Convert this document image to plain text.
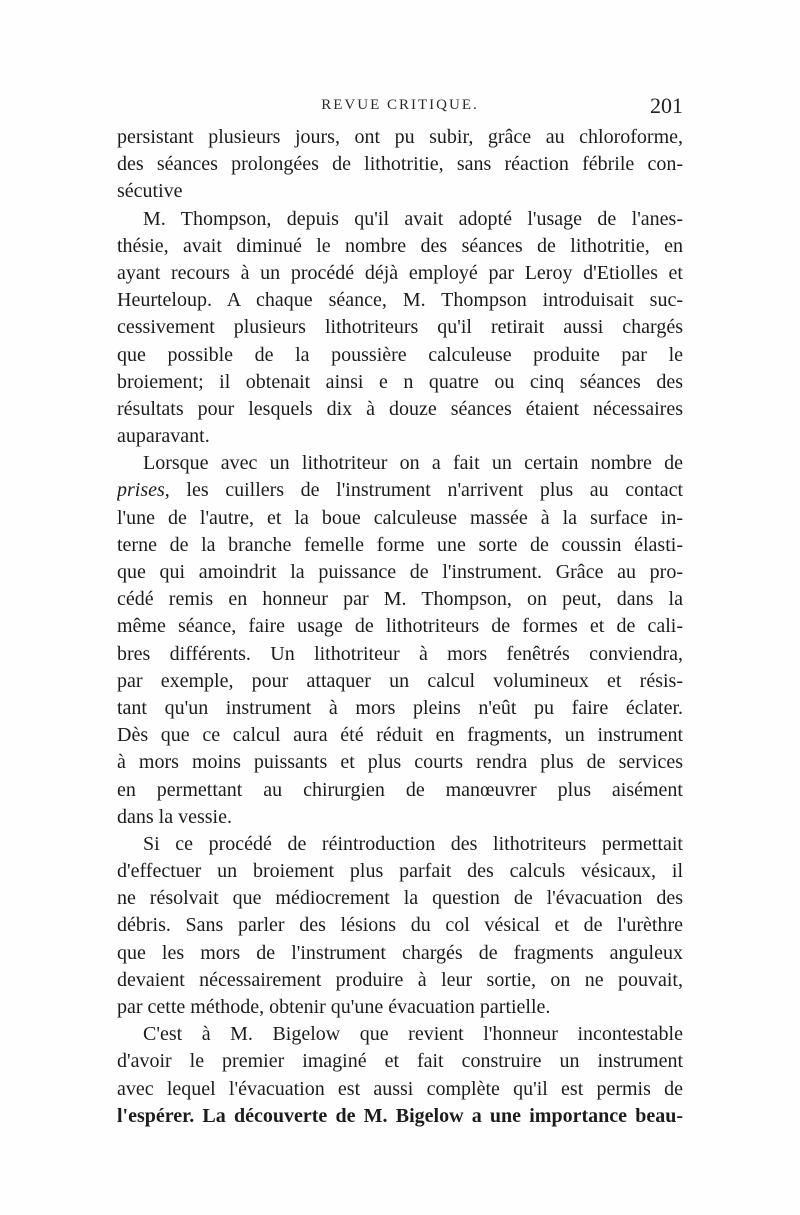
REVUE CRITIQUE.	201
persistant plusieurs jours, ont pu subir, grâce au chloroforme,
des séances prolongées de lithotritie, sans réaction fébrile con-
sécutive
M. Thompson, depuis qu'il avait adopté l'usage de l'anes-
thésie, avait diminué le nombre des séances de lithotritie, en
ayant recours à un procédé déjà employé par Leroy d'Etiolles et
Heurteloup. A chaque séance, M. Thompson introduisait suc-
cessivement plusieurs lithotriteurs qu'il retirait aussi chargés
que possible de la poussière calculeuse produite par le
broiement; il obtenait ainsi e n quatre ou cinq séances des
résultats pour lesquels dix à douze séances étaient nécessaires
auparavant.
Lorsque avec un lithotriteur on a fait un certain nombre de
prises, les cuillers de l'instrument n'arrivent plus au contact
l'une de l'autre, et la boue calculeuse massée à la surface in-
terne de la branche femelle forme une sorte de coussin élasti-
que qui amoindrit la puissance de l'instrument. Grâce au pro-
cédé remis en honneur par M. Thompson, on peut, dans la
même séance, faire usage de lithotriteurs de formes et de cali-
bres différents. Un lithotriteur à mors fenêtrés conviendra,
par exemple, pour attaquer un calcul volumineux et résis-
tant qu'un instrument à mors pleins n'eût pu faire éclater.
Dès que ce calcul aura été réduit en fragments, un instrument
à mors moins puissants et plus courts rendra plus de services
en permettant au chirurgien de manœuvrer plus aisément
dans la vessie.
Si ce procédé de réintroduction des lithotriteurs permettait
d'effectuer un broiement plus parfait des calculs vésicaux, il
ne résolvait que médiocrement la question de l'évacuation des
débris. Sans parler des lésions du col vésical et de l'urèthre
que les mors de l'instrument chargés de fragments anguleux
devaient nécessairement produire à leur sortie, on ne pouvait,
par cette méthode, obtenir qu'une évacuation partielle.
C'est à M. Bigelow que revient l'honneur incontestable
d'avoir le premier imaginé et fait construire un instrument
avec lequel l'évacuation est aussi complète qu'il est permis de
l'espérer. La découverte de M. Bigelow a une importance beau-
